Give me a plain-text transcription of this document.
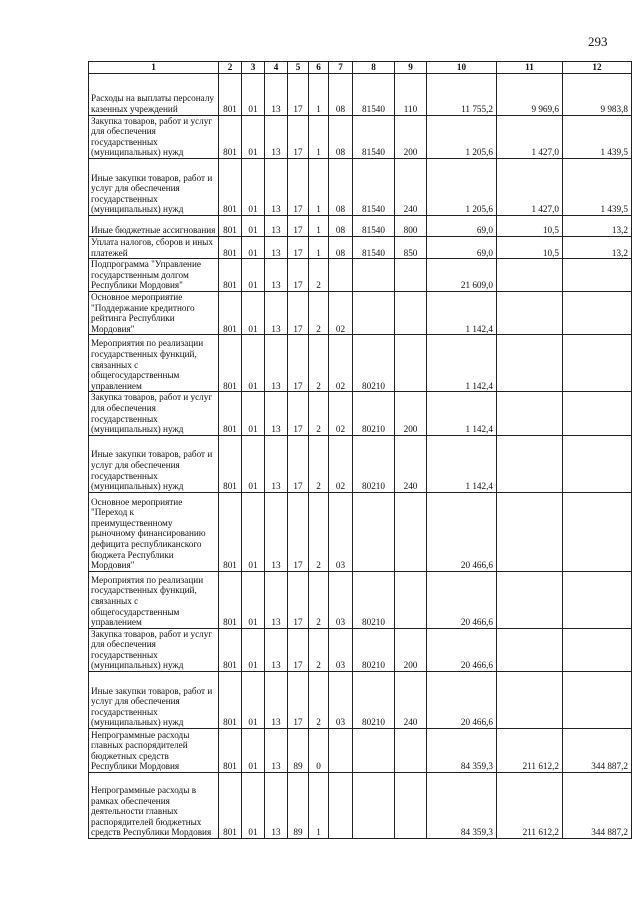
293
1	2	3	4	5	6	7	8	9	10	11	12
Расходы на выплаты персоналу казенных учреждений	801	01	13	17	1	08	81540	110	11 755,2	9 969,6	9 983,8
Закупка товаров, работ и услуг для обеспечения государственных (муниципальных) нужд	801	01	13	17	1	08	81540	200	1 205,6	1 427,0	1 439,5
Иные закупки товаров, работ и услуг для обеспечения государственных (муниципальных) нужд	801	01	13	17	1	08	81540	240	1 205,6	1 427,0	1 439,5
Иные бюджетные ассигнования	801	01	13	17	1	08	81540	800	69,0	10,5	13,2
Уплата налогов, сборов и иных платежей	801	01	13	17	1	08	81540	850	69,0	10,5	13,2
Подпрограмма "Управление государственным долгом Республики Мордовия"	801	01	13	17	2				21 609,0		
Основное мероприятие "Поддержание кредитного рейтинга Республики Мордовия"	801	01	13	17	2	02			1 142,4		
Мероприятия по реализации государственных функций, связанных с общегосударственным управлением	801	01	13	17	2	02	80210		1 142,4		
Закупка товаров, работ и услуг для обеспечения государственных (муниципальных) нужд	801	01	13	17	2	02	80210	200	1 142,4		
Иные закупки товаров, работ и услуг для обеспечения государственных (муниципальных) нужд	801	01	13	17	2	02	80210	240	1 142,4		
Основное мероприятие "Переход к преимущественному рыночному финансированию дефицита республиканского бюджета Республики Мордовия"	801	01	13	17	2	03			20 466,6		
Мероприятия по реализации государственных функций, связанных с общегосударственным управлением	801	01	13	17	2	03	80210		20 466,6		
Закупка товаров, работ и услуг для обеспечения государственных (муниципальных) нужд	801	01	13	17	2	03	80210	200	20 466,6		
Иные закупки товаров, работ и услуг для обеспечения государственных (муниципальных) нужд	801	01	13	17	2	03	80210	240	20 466,6		
Непрограммные расходы главных распорядителей бюджетных средств Республики Мордовия	801	01	13	89	0				84 359,3	211 612,2	344 887,2
Непрограммные расходы в рамках обеспечения деятельности главных распорядителей бюджетных средств Республики Мордовия	801	01	13	89	1				84 359,3	211 612,2	344 887,2
